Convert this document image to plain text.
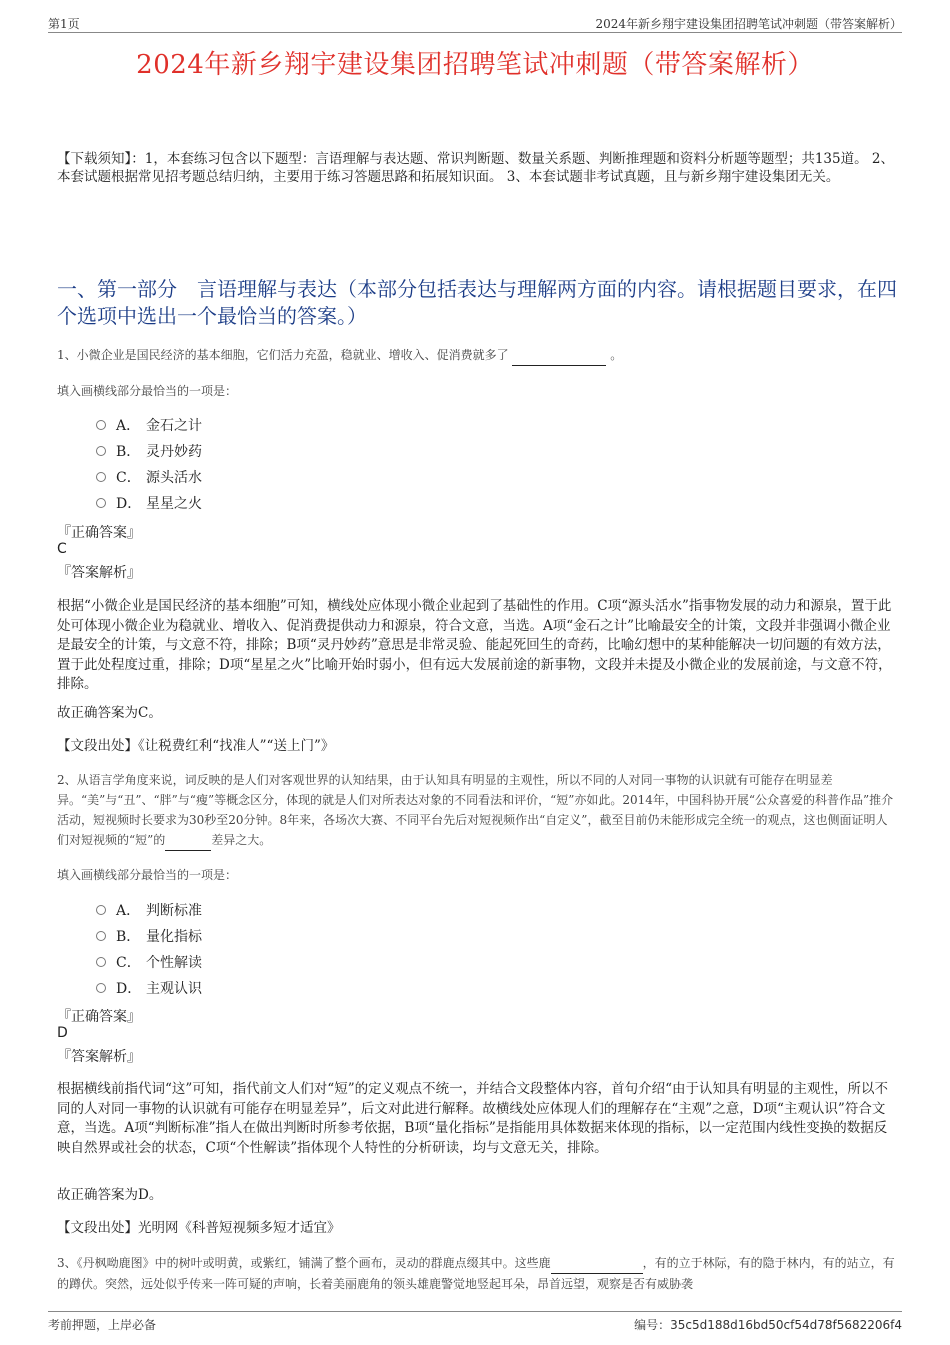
第1页	2024年新乡翔宇建设集团招聘笔试冲刺题（带答案解析）
2024年新乡翔宇建设集团招聘笔试冲刺题（带答案解析）
【下载须知】：1，本套练习包含以下题型：言语理解与表达题、常识判断题、数量关系题、判断推理题和资料分析题等题型；共135道。 2、本套试题根据常见招考题总结归纳，主要用于练习答题思路和拓展知识面。 3、本套试题非考试真题，且与新乡翔宇建设集团无关。
一、第一部分　言语理解与表达（本部分包括表达与理解两方面的内容。请根据题目要求，在四个选项中选出一个最恰当的答案。）
1、小微企业是国民经济的基本细胞，它们活力充盈，稳就业、增收入、促消费就多了	。
填入画横线部分最恰当的一项是：
A． 金石之计
B． 灵丹妙药
C． 源头活水
D． 星星之火
『正确答案』
C
『答案解析』
根据“小微企业是国民经济的基本细胞”可知，横线处应体现小微企业起到了基础性的作用。C项“源头活水”指事物发展的动力和源泉，置于此处可体现小微企业为稳就业、增收入、促消费提供动力和源泉，符合文意，当选。A项“金石之计”比喻最安全的计策，文段并非强调小微企业是最安全的计策，与文意不符，排除；B项“灵丹妙药”意思是非常灵验、能起死回生的奇药，比喻幻想中的某种能解决一切问题的有效方法，置于此处程度过重，排除；D项“星星之火”比喻开始时弱小，但有远大发展前途的新事物，文段并未提及小微企业的发展前途，与文意不符，排除。
故正确答案为C。
【文段出处】《让税费红利“找准人”“送上门”》
2、从语言学角度来说，词反映的是人们对客观世界的认知结果，由于认知具有明显的主观性，所以不同的人对同一事物的认识就有可能存在明显差异。“美”与“丑”、“胖”与“瘦”等概念区分，体现的就是人们对所表达对象的不同看法和评价，“短”亦如此。2014年，中国科协开展“公众喜爱的科普作品”推介活动，短视频时长要求为30秒至20分钟。8年来，各场次大赛、不同平台先后对短视频作出“自定义”，截至目前仍未能形成完全统一的观点，这也侧面证明人们对短视频的“短”的	差异之大。
填入画横线部分最恰当的一项是：
A． 判断标准
B． 量化指标
C． 个性解读
D． 主观认识
『正确答案』
D
『答案解析』
根据横线前指代词“这”可知，指代前文人们对“短”的定义观点不统一，并结合文段整体内容，首句介绍“由于认知具有明显的主观性，所以不同的人对同一事物的认识就有可能存在明显差异”，后文对此进行解释。故横线处应体现人们的理解存在“主观”之意，D项“主观认识”符合文意，当选。A项“判断标准”指人在做出判断时所参考依据，B项“量化指标”是指能用具体数据来体现的指标，以一定范围内线性变换的数据反映自然界或社会的状态，C项“个性解读”指体现个人特性的分析研读，均与文意无关，排除。
故正确答案为D。
【文段出处】光明网《科普短视频多短才适宜》
3、《丹枫呦鹿图》中的树叶或明黄，或紫红，铺满了整个画布，灵动的群鹿点缀其中。这些鹿	，有的立于林际，有的隐于林内，有的站立，有的蹲伏。突然，远处似乎传来一阵可疑的声响，长着美丽鹿角的领头雄鹿警觉地竖起耳朵，昂首远望，观察是否有威胁袭
考前押题，上岸必备	编号：35c5d188d16bd50cf54d78f5682206f4
